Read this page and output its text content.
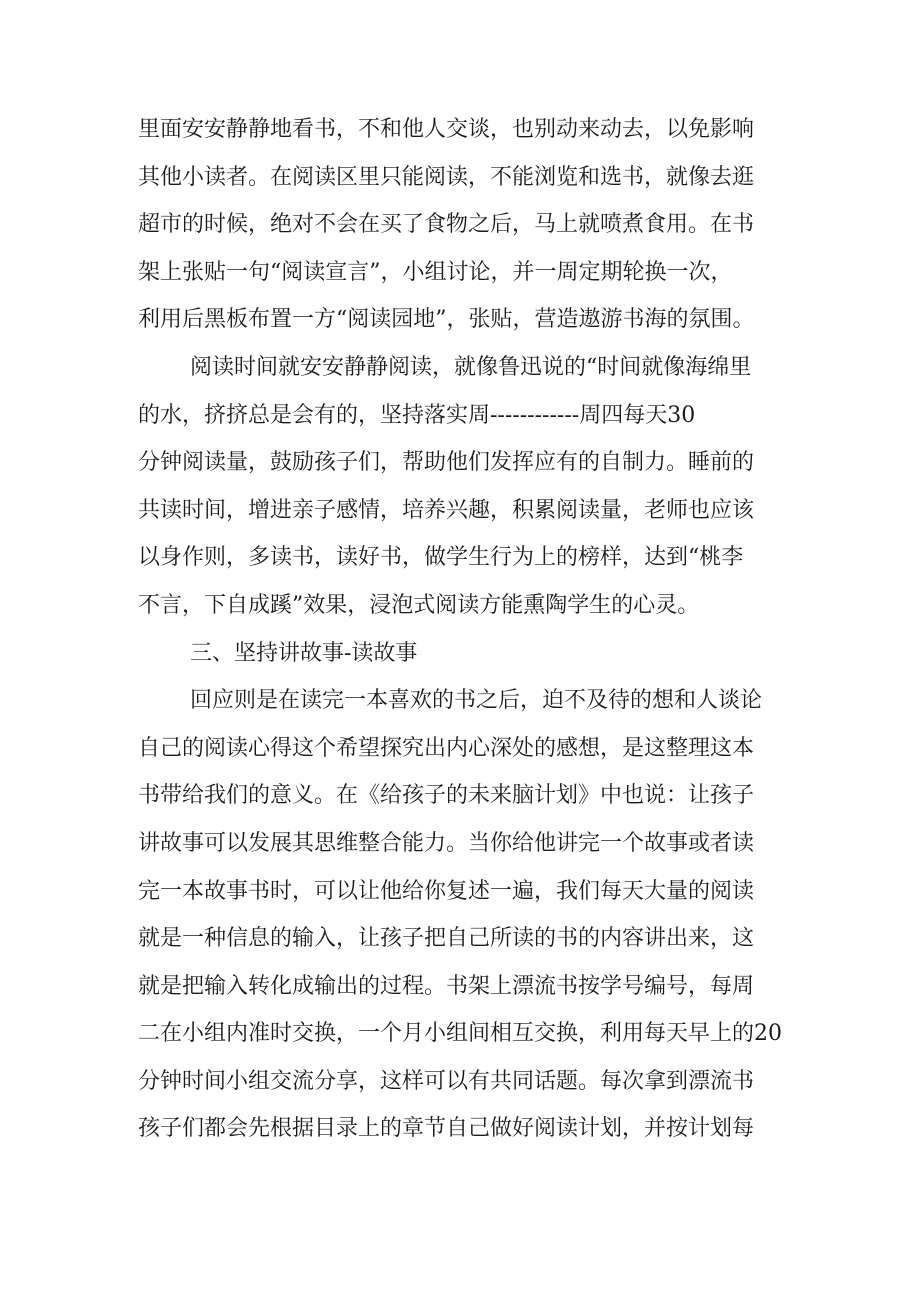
里面安安静静地看书，不和他人交谈，也别动来动去，以免影响
其他小读者。在阅读区里只能阅读，不能浏览和选书，就像去逛
超市的时候，绝对不会在买了食物之后，马上就喷煮食用。在书
架上张贴一句“阅读宣言”，小组讨论，并一周定期轮换一次，
利用后黑板布置一方“阅读园地”，张贴，营造遨游书海的氛围。
阅读时间就安安静静阅读，就像鲁迅说的“时间就像海绵里
的水，挤挤总是会有的，坚持落实周------------周四每天30
分钟阅读量，鼓励孩子们，帮助他们发挥应有的自制力。睡前的
共读时间，增进亲子感情，培养兴趣，积累阅读量，老师也应该
以身作则，多读书，读好书，做学生行为上的榜样，达到“桃李
不言，下自成蹊”效果，浸泡式阅读方能熏陶学生的心灵。
三、坚持讲故事-读故事
回应则是在读完一本喜欢的书之后，迫不及待的想和人谈论
自己的阅读心得这个希望探究出内心深处的感想，是这整理这本
书带给我们的意义。在《给孩子的未来脑计划》中也说：让孩子
讲故事可以发展其思维整合能力。当你给他讲完一个故事或者读
完一本故事书时，可以让他给你复述一遍，我们每天大量的阅读
就是一种信息的输入，让孩子把自己所读的书的内容讲出来，这
就是把输入转化成输出的过程。书架上漂流书按学号编号，每周
二在小组内准时交换，一个月小组间相互交换，利用每天早上的20
分钟时间小组交流分享，这样可以有共同话题。每次拿到漂流书
孩子们都会先根据目录上的章节自己做好阅读计划，并按计划每
